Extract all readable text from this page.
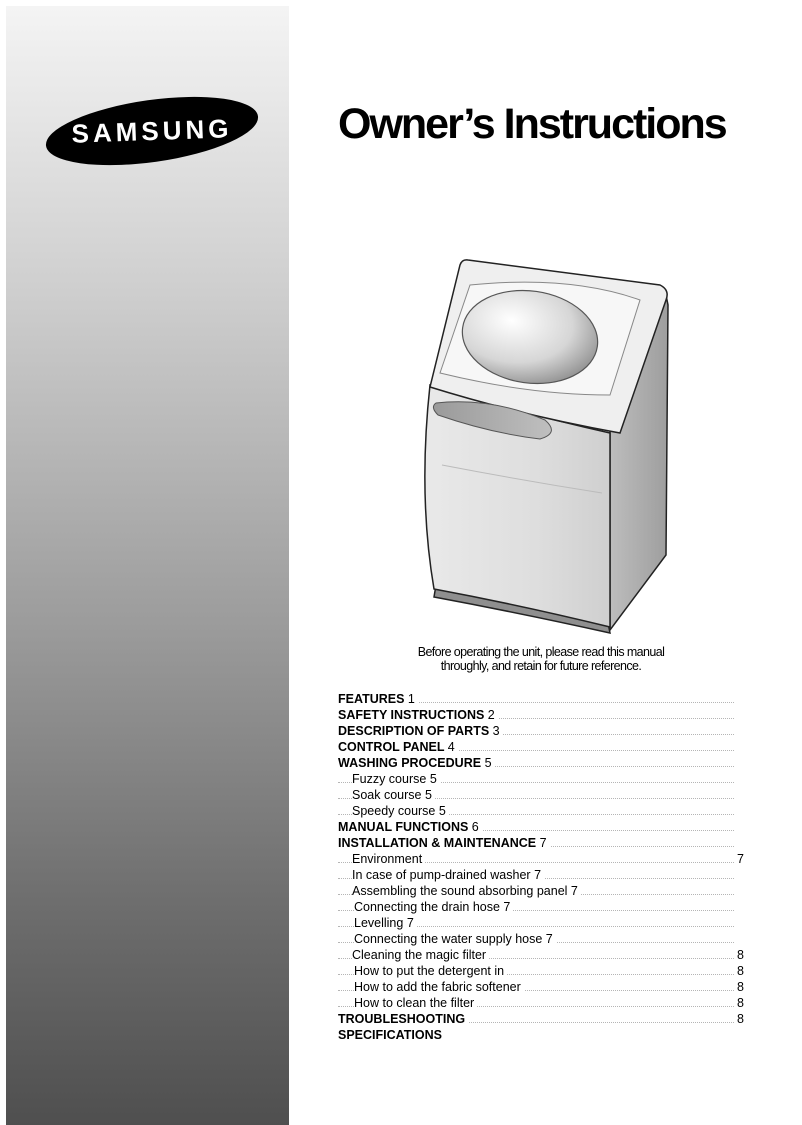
SAMSUNG	Owner’s Instructions
Before operating the unit, please read this manual
throughly, and retain for future reference.
FEATURES 1
SAFETY INSTRUCTIONS 2
DESCRIPTION OF PARTS 3
CONTROL PANEL 4
WASHING PROCEDURE 5
Fuzzy course 5
Soak course 5
Speedy course 5
MANUAL FUNCTIONS 6
INSTALLATION & MAINTENANCE 7
Environment	7
In case of pump-drained washer 7
Assembling the sound absorbing panel 7
Connecting the drain hose 7
Levelling 7
Connecting the water supply hose 7
Cleaning the magic filter	8
How to put the detergent in	8
How to add the fabric softener	8
How to clean the filter	8
TROUBLESHOOTING	8
SPECIFICATIONS
